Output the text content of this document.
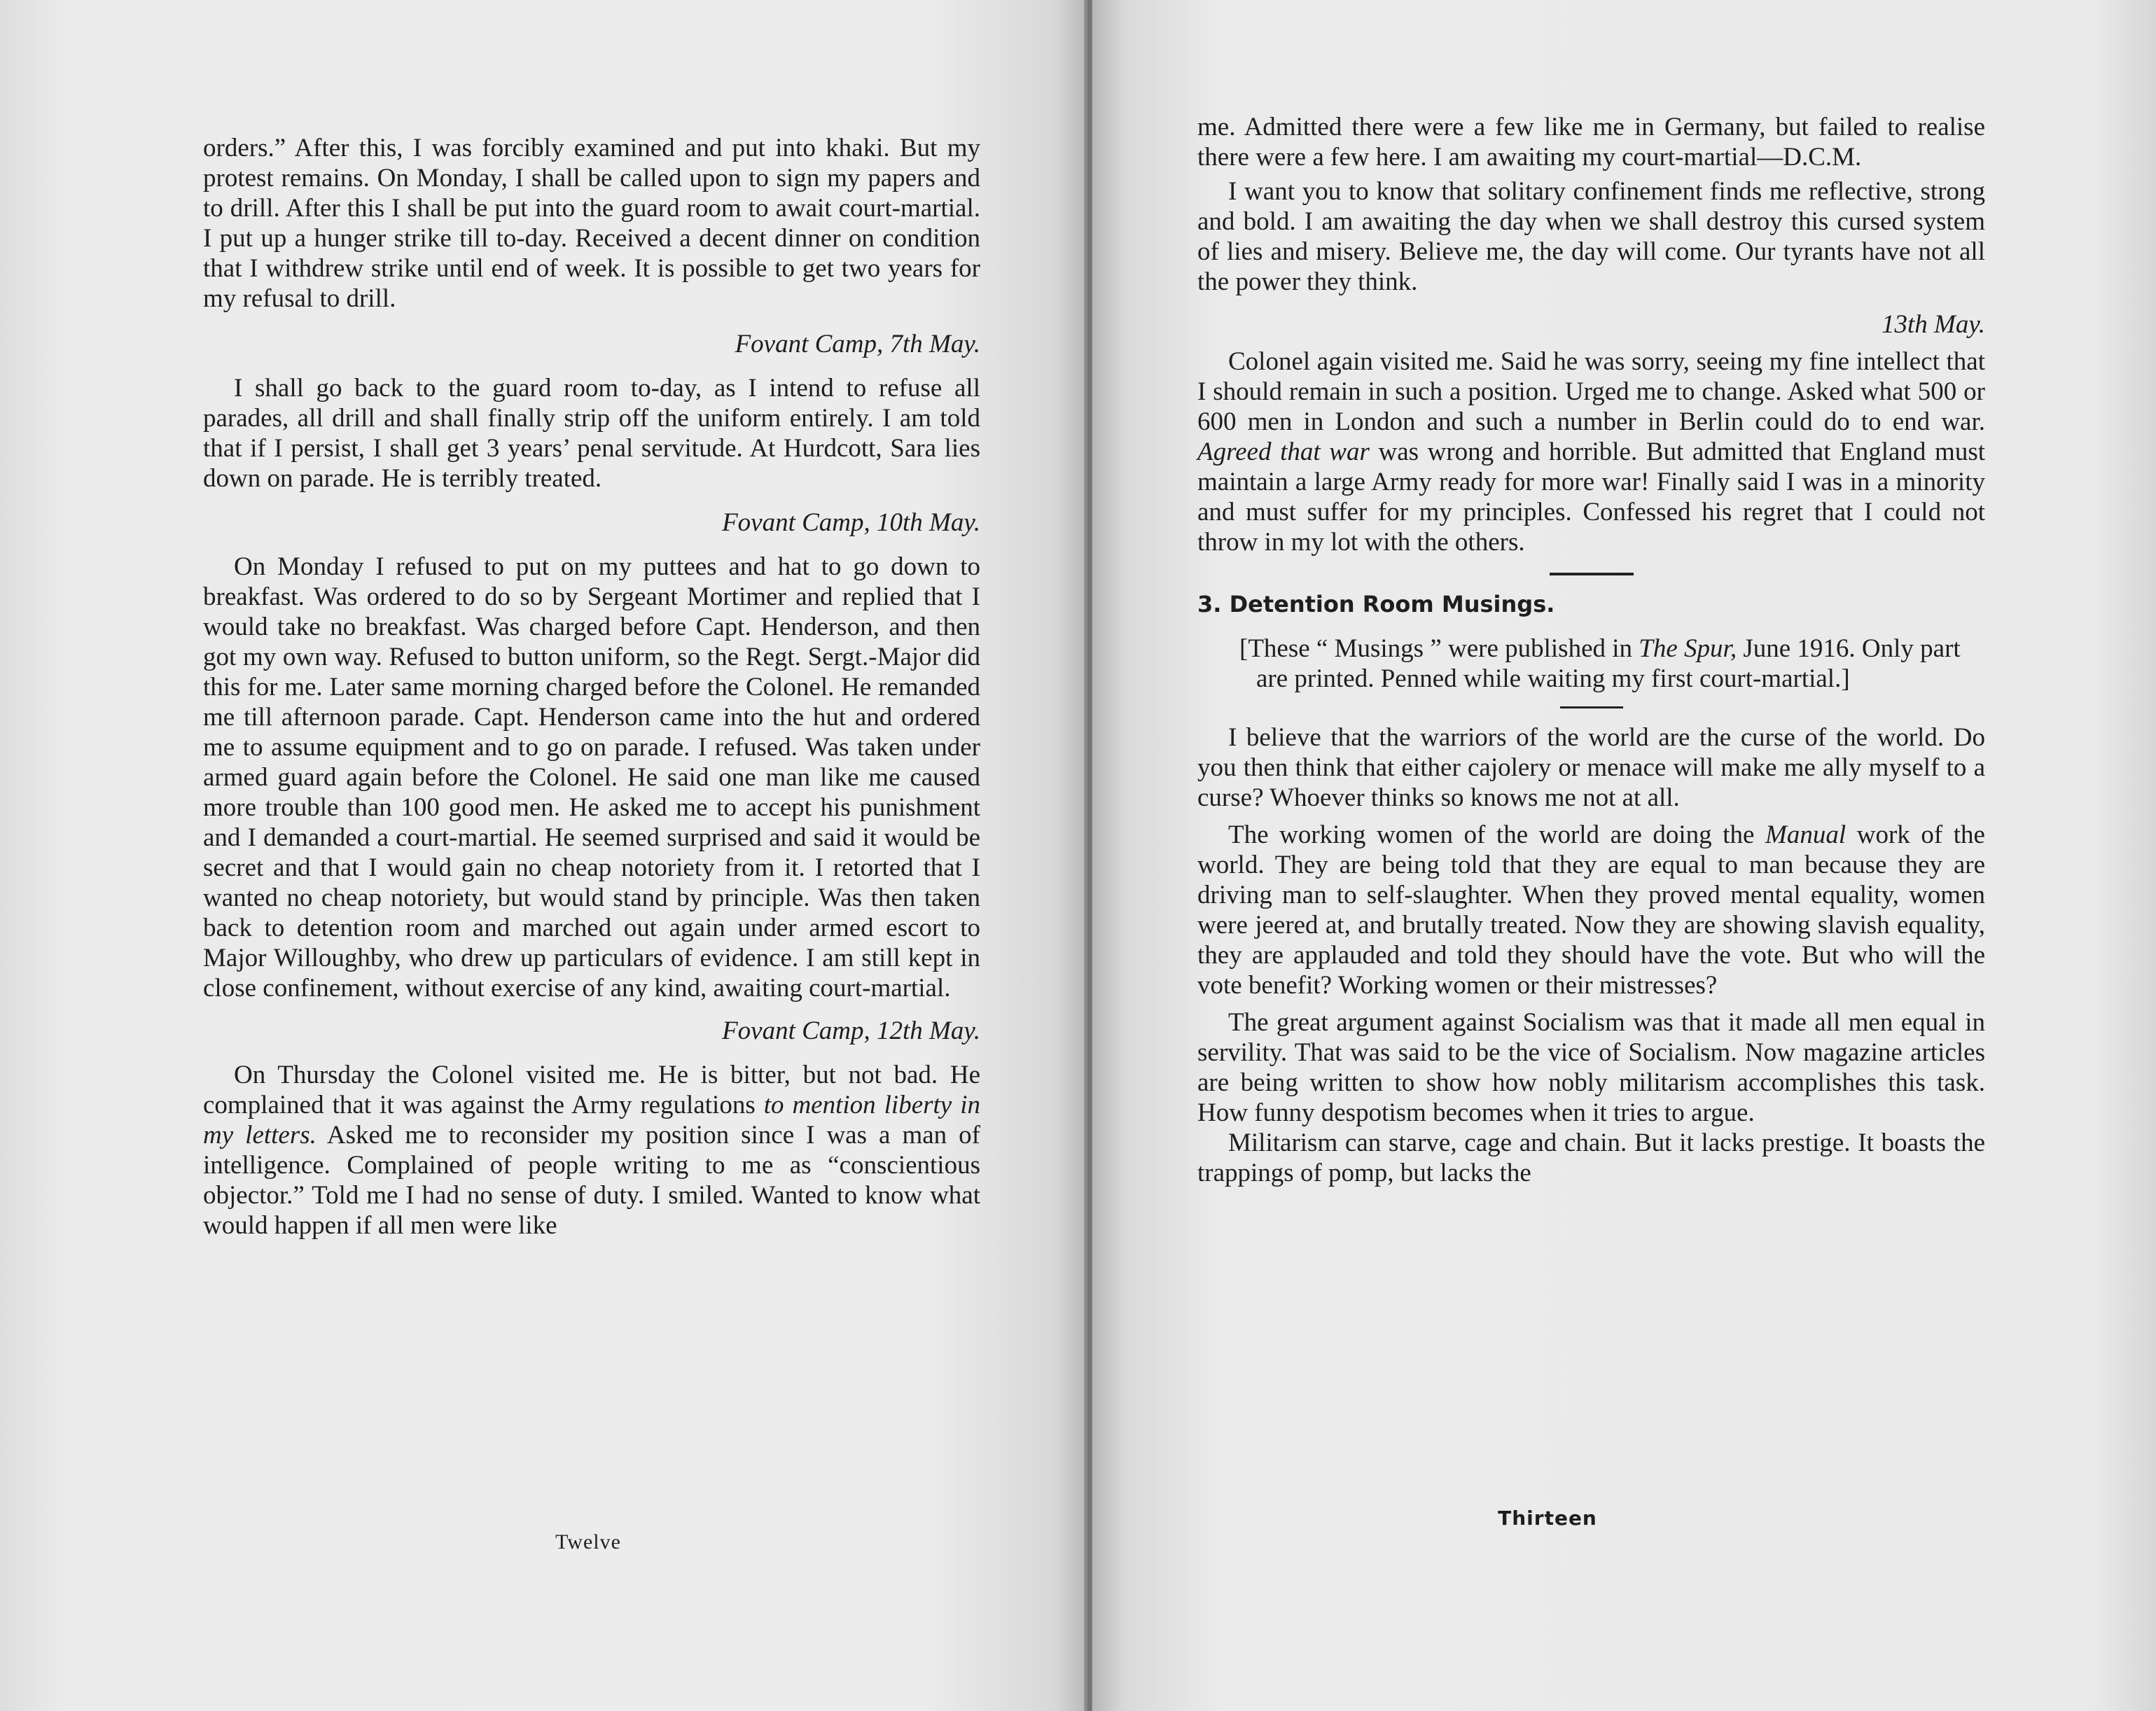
orders.” After this, I was forcibly examined and put into khaki. But my protest remains. On Monday, I shall be called upon to sign my papers and to drill. After this I shall be put into the guard room to await court-martial. I put up a hunger strike till to-day. Received a decent dinner on condition that I withdrew strike until end of week. It is possible to get two years for my refusal to drill.

Fovant Camp, 7th May.

I shall go back to the guard room to-day, as I intend to refuse all parades, all drill and shall finally strip off the uniform entirely. I am told that if I persist, I shall get 3 years’ penal servitude. At Hurdcott, Sara lies down on parade. He is terribly treated.

Fovant Camp, 10th May.

On Monday I refused to put on my puttees and hat to go down to breakfast. Was ordered to do so by Sergeant Mortimer and replied that I would take no breakfast. Was charged before Capt. Henderson, and then got my own way. Refused to button uniform, so the Regt. Sergt.-Major did this for me. Later same morning charged before the Colonel. He remanded me till afternoon parade. Capt. Henderson came into the hut and ordered me to assume equipment and to go on parade. I refused. Was taken under armed guard again before the Colonel. He said one man like me caused more trouble than 100 good men. He asked me to accept his punishment and I demanded a court-martial. He seemed surprised and said it would be secret and that I would gain no cheap notoriety from it. I retorted that I wanted no cheap notoriety, but would stand by principle. Was then taken back to detention room and marched out again under armed escort to Major Willoughby, who drew up particulars of evidence. I am still kept in close confinement, without exercise of any kind, awaiting court-martial.

Fovant Camp, 12th May.

On Thursday the Colonel visited me. He is bitter, but not bad. He complained that it was against the Army regulations to mention liberty in my letters. Asked me to reconsider my position since I was a man of intelligence. Complained of people writing to me as “conscientious objector.” Told me I had no sense of duty. I smiled. Wanted to know what would happen if all men were like

Twelve

me. Admitted there were a few like me in Germany, but failed to realise there were a few here. I am awaiting my court-martial—D.C.M.

I want you to know that solitary confinement finds me reflective, strong and bold. I am awaiting the day when we shall destroy this cursed system of lies and misery. Believe me, the day will come. Our tyrants have not all the power they think.

13th May.

Colonel again visited me. Said he was sorry, seeing my fine intellect that I should remain in such a position. Urged me to change. Asked what 500 or 600 men in London and such a number in Berlin could do to end war. Agreed that war was wrong and horrible. But admitted that England must maintain a large Army ready for more war! Finally said I was in a minority and must suffer for my principles. Confessed his regret that I could not throw in my lot with the others.

3. Detention Room Musings.

[These “ Musings ” were published in The Spur, June 1916. Only part are printed. Penned while waiting my first court-martial.]

I believe that the warriors of the world are the curse of the world. Do you then think that either cajolery or menace will make me ally myself to a curse? Whoever thinks so knows me not at all.

The working women of the world are doing the Manual work of the world. They are being told that they are equal to man because they are driving man to self-slaughter. When they proved mental equality, women were jeered at, and brutally treated. Now they are showing slavish equality, they are applauded and told they should have the vote. But who will the vote benefit? Working women or their mistresses?

The great argument against Socialism was that it made all men equal in servility. That was said to be the vice of Socialism. Now magazine articles are being written to show how nobly militarism accomplishes this task. How funny despotism becomes when it tries to argue.

Militarism can starve, cage and chain. But it lacks prestige. It boasts the trappings of pomp, but lacks the

Thirteen
